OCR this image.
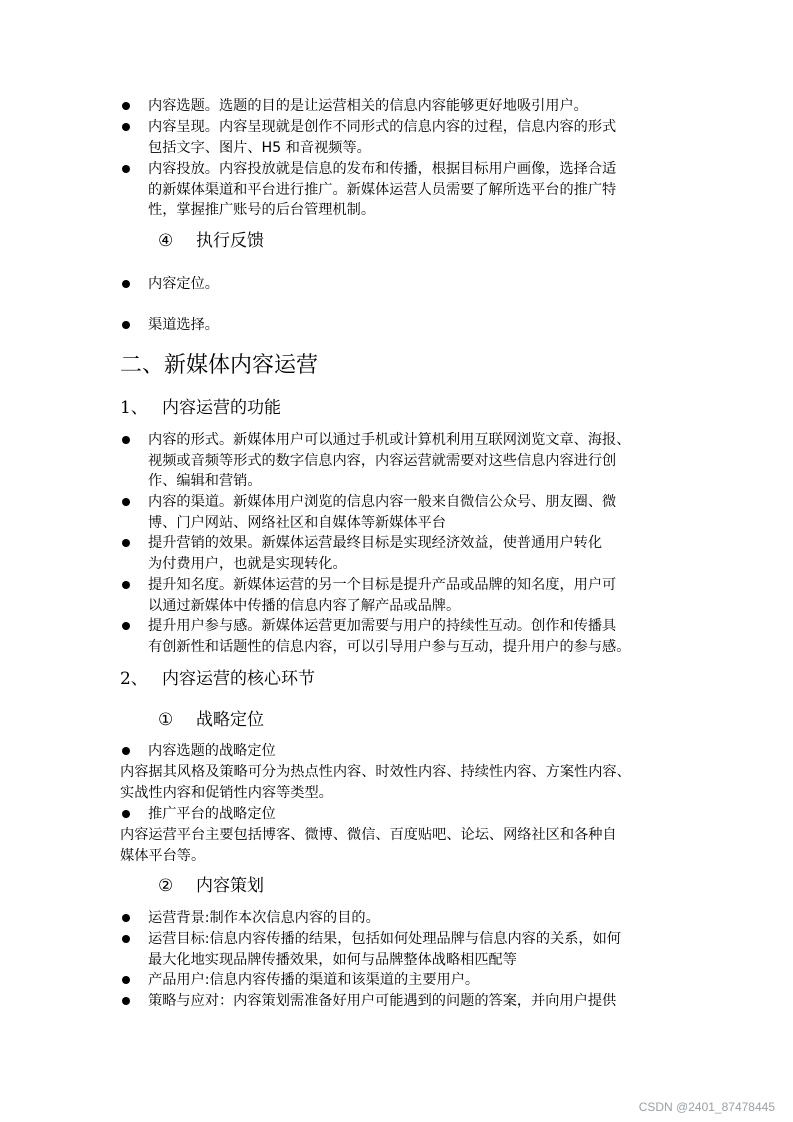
内容选题。选题的目的是让运营相关的信息内容能够更好地吸引用户。
内容呈现。内容呈现就是创作不同形式的信息内容的过程，信息内容的形式
包括文字、图片、H5 和音视频等。
内容投放。内容投放就是信息的发布和传播，根据目标用户画像，选择合适
的新媒体渠道和平台进行推广。新媒体运营人员需要了解所选平台的推广特
性，掌握推广账号的后台管理机制。
④ 执行反馈
内容定位。
渠道选择。
二、新媒体内容运营
1、 内容运营的功能
内容的形式。新媒体用户可以通过手机或计算机利用互联网浏览文章、海报、
视频或音频等形式的数字信息内容，内容运营就需要对这些信息内容进行创
作、编辑和营销。
内容的渠道。新媒体用户浏览的信息内容一般来自微信公众号、朋友圈、微
博、门户网站、网络社区和自媒体等新媒体平台
提升营销的效果。新媒体运营最终目标是实现经济效益，使普通用户转化
为付费用户，也就是实现转化。
提升知名度。新媒体运营的另一个目标是提升产品或品牌的知名度，用户可
以通过新媒体中传播的信息内容了解产品或品牌。
提升用户参与感。新媒体运营更加需要与用户的持续性互动。创作和传播具
有创新性和话题性的信息内容，可以引导用户参与互动，提升用户的参与感。
2、 内容运营的核心环节
① 战略定位
内容选题的战略定位
内容据其风格及策略可分为热点性内容、时效性内容、持续性内容、方案性内容、
实战性内容和促销性内容等类型。
推广平台的战略定位
内容运营平台主要包括博客、微博、微信、百度贴吧、论坛、网络社区和各种自
媒体平台等。
② 内容策划
运营背景:制作本次信息内容的目的。
运营目标:信息内容传播的结果，包括如何处理品牌与信息内容的关系，如何
最大化地实现品牌传播效果，如何与品牌整体战略相匹配等
产品用户:信息内容传播的渠道和该渠道的主要用户。
策略与应对：内容策划需准备好用户可能遇到的问题的答案，并向用户提供
CSDN @2401_87478445
